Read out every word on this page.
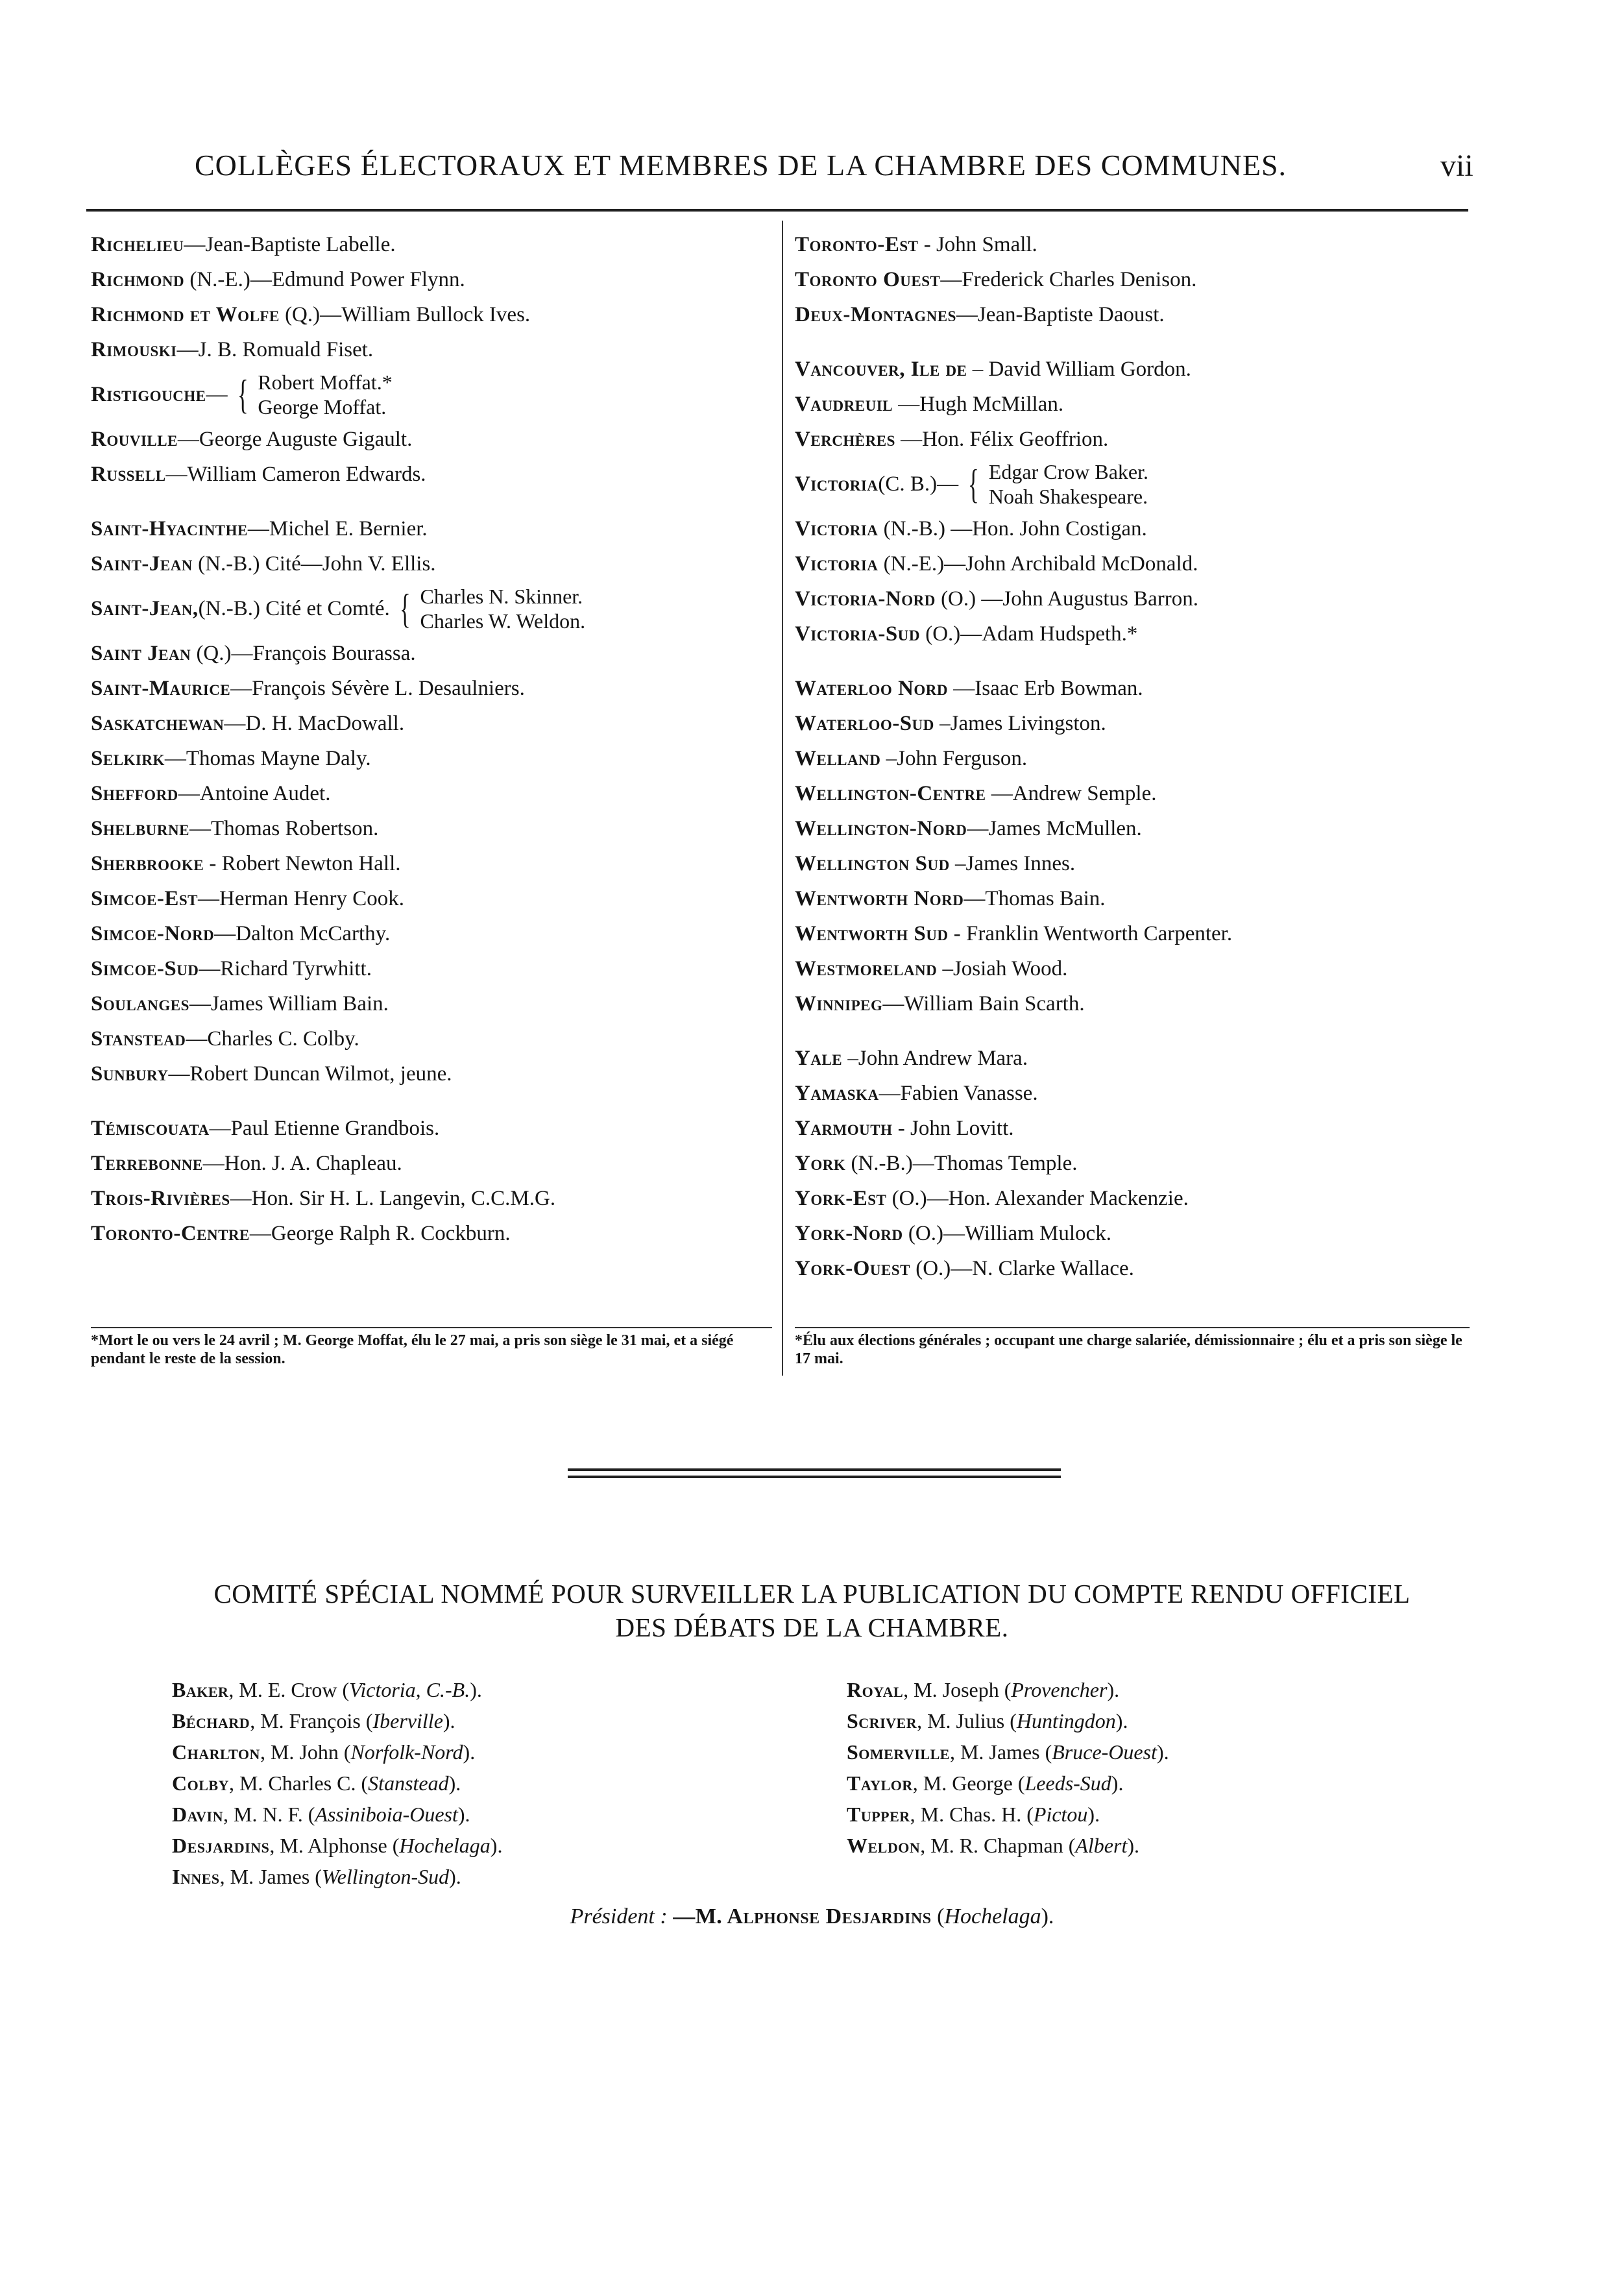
COLLÈGES ÉLECTORAUX ET MEMBRES DE LA CHAMBRE DES COMMUNES.	vii
Richelieu—Jean-Baptiste Labelle.
Richmond (N.-E.)—Edmund Power Flynn.
Richmond et Wolfe (Q.)—William Bullock Ives.
Rimouski—J. B. Romuald Fiset.
Ristigouche — { Robert Moffat.*
George Moffat.
Rouville—George Auguste Gigault.
Russell—William Cameron Edwards.
Saint-Hyacinthe—Michel E. Bernier.
Saint-Jean (N.-B.) Cité—John V. Ellis.
Saint-Jean, (N.-B.) Cité et Comté. { Charles N. Skinner.
Charles W. Weldon.
Saint Jean (Q.)—François Bourassa.
Saint-Maurice—François Sévère L. Desaulniers.
Saskatchewan—D. H. MacDowall.
Selkirk—Thomas Mayne Daly.
Shefford—Antoine Audet.
Shelburne—Thomas Robertson.
Sherbrooke - Robert Newton Hall.
Simcoe-Est—Herman Henry Cook.
Simcoe-Nord—Dalton McCarthy.
Simcoe-Sud—Richard Tyrwhitt.
Soulanges—James William Bain.
Stanstead—Charles C. Colby.
Sunbury—Robert Duncan Wilmot, jeune.
Témiscouata—Paul Etienne Grandbois.
Terrebonne—Hon. J. A. Chapleau.
Trois-Rivières—Hon. Sir H. L. Langevin, C.C.M.G.
Toronto-Centre—George Ralph R. Cockburn.
Toronto-Est - John Small.
Toronto Ouest—Frederick Charles Denison.
Deux-Montagnes—Jean-Baptiste Daoust.
Vancouver, Ile de – David William Gordon.
Vaudreuil —Hugh McMillan.
Verchères —Hon. Félix Geoffrion.
Victoria (C. B.)— { Edgar Crow Baker.
Noah Shakespeare.
Victoria (N.-B.) —Hon. John Costigan.
Victoria (N.-E.)—John Archibald McDonald.
Victoria-Nord (O.) —John Augustus Barron.
Victoria-Sud (O.)—Adam Hudspeth.*
Waterloo Nord —Isaac Erb Bowman.
Waterloo-Sud –James Livingston.
Welland –John Ferguson.
Wellington-Centre —Andrew Semple.
Wellington-Nord—James McMullen.
Wellington Sud –James Innes.
Wentworth Nord—Thomas Bain.
Wentworth Sud - Franklin Wentworth Carpenter.
Westmoreland –Josiah Wood.
Winnipeg—William Bain Scarth.
Yale –John Andrew Mara.
Yamaska—Fabien Vanasse.
Yarmouth - John Lovitt.
York (N.-B.)—Thomas Temple.
York-Est (O.)—Hon. Alexander Mackenzie.
York-Nord (O.)—William Mulock.
York-Ouest (O.)—N. Clarke Wallace.
*Mort le ou vers le 24 avril ; M. George Moffat, élu le 27 mai, a pris son siège le 31 mai, et a siégé pendant le reste de la session.
*Élu aux élections générales ; occupant une charge salariée, démissionnaire ; élu et a pris son siège le 17 mai.
COMITÉ SPÉCIAL NOMMÉ POUR SURVEILLER LA PUBLICATION DU COMPTE RENDU OFFICIEL
DES DÉBATS DE LA CHAMBRE.
Baker, M. E. Crow (Victoria, C.-B.).
Béchard, M. François (Iberville).
Charlton, M. John (Norfolk-Nord).
Colby, M. Charles C. (Stanstead).
Davin, M. N. F. (Assiniboia-Ouest).
Desjardins, M. Alphonse (Hochelaga).
Innes, M. James (Wellington-Sud).
Royal, M. Joseph (Provencher).
Scriver, M. Julius (Huntingdon).
Somerville, M. James (Bruce-Ouest).
Taylor, M. George (Leeds-Sud).
Tupper, M. Chas. H. (Pictou).
Weldon, M. R. Chapman (Albert).
Président : —M. Alphonse Desjardins (Hochelaga).
